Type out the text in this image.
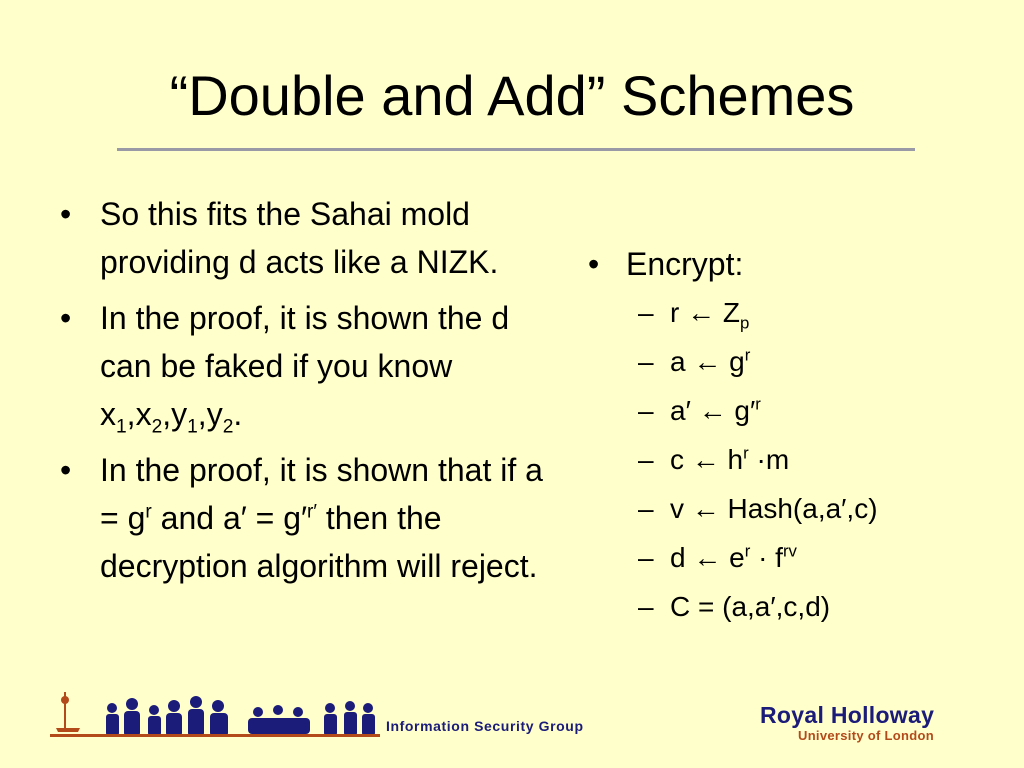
“Double and Add” Schemes
• So this fits the Sahai mold providing d acts like a NIZK.
• In the proof, it is shown the d can be faked if you know $x_1,x_2,y_1,y_2$.
• In the proof, it is shown that if $a = g^r$ and $a' = g'^{r'}$ then the decryption algorithm will reject.
• Encrypt:
– r ← $Z_p$
– a ← $g^r$
– a′ ← $g'^r$
– c ← $h^r \cdot m$
– v ← Hash(a,a′,c)
– d ← $e^r \cdot f^{rv}$
– C = (a,a′,c,d)
Information Security Group	Royal Holloway
University of London
